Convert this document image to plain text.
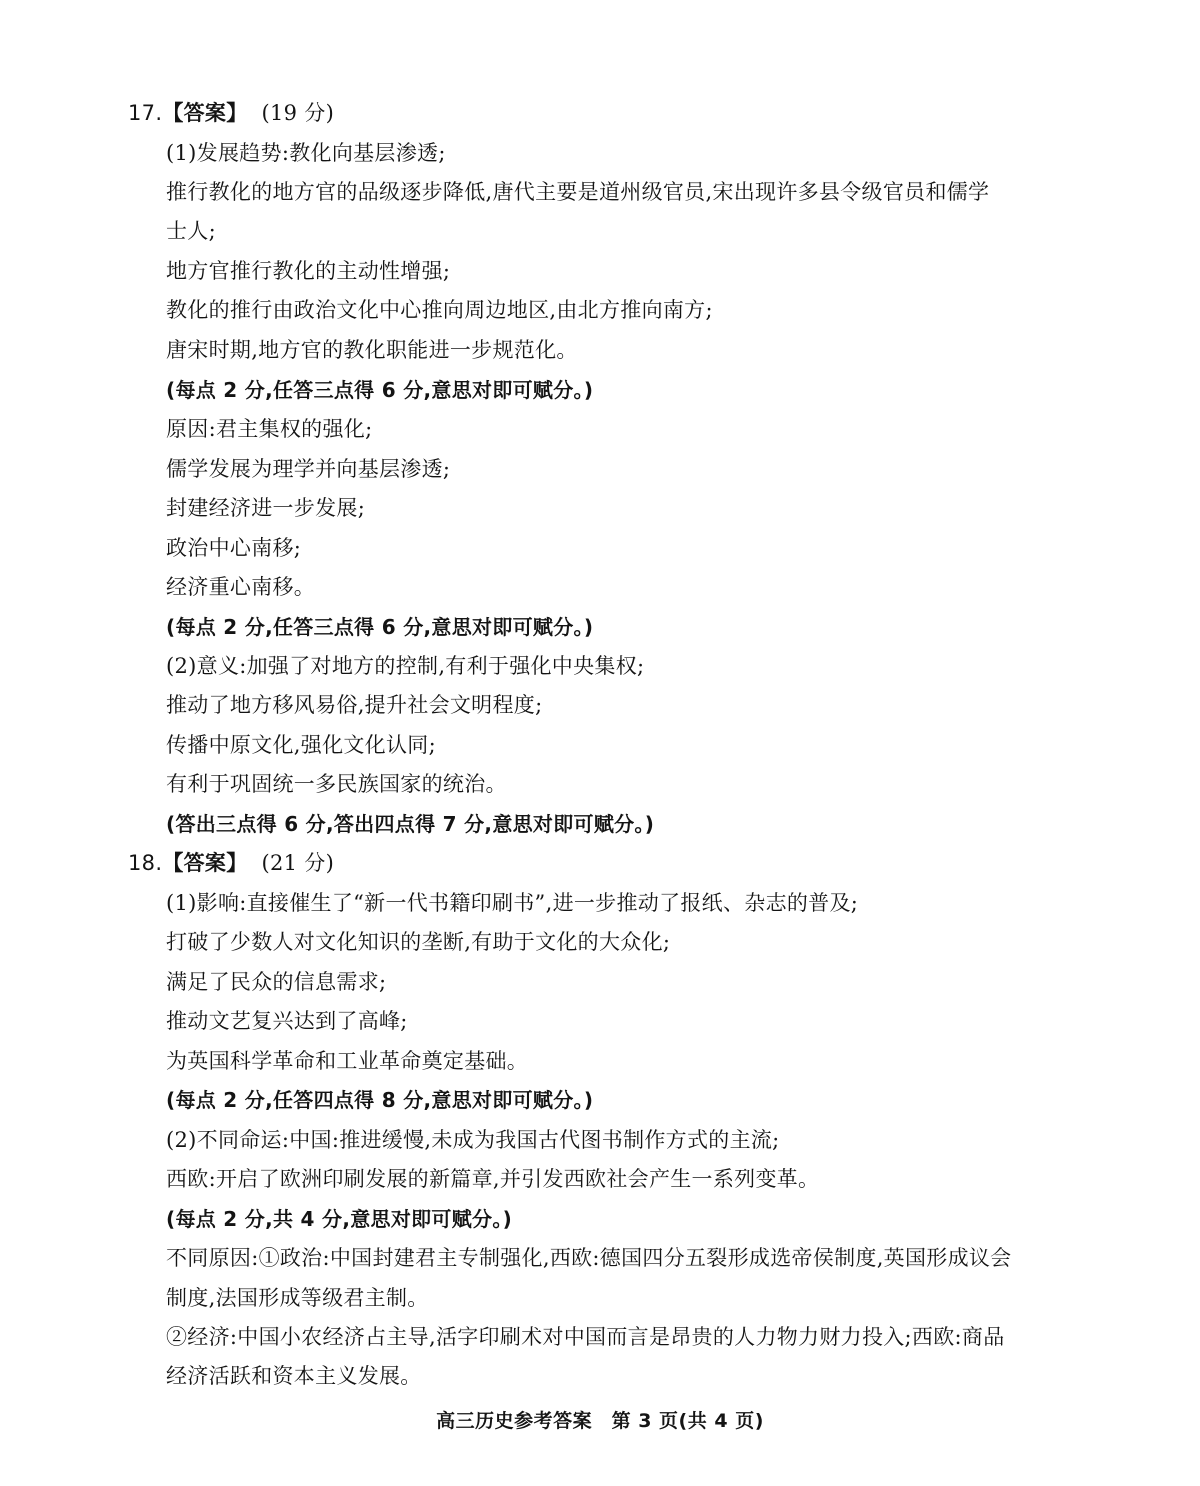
17.【答案】 (19 分)
(1)发展趋势:教化向基层渗透;
推行教化的地方官的品级逐步降低,唐代主要是道州级官员,宋出现许多县令级官员和儒学
士人;
地方官推行教化的主动性增强;
教化的推行由政治文化中心推向周边地区,由北方推向南方;
唐宋时期,地方官的教化职能进一步规范化。
(每点 2 分,任答三点得 6 分,意思对即可赋分。)
原因:君主集权的强化;
儒学发展为理学并向基层渗透;
封建经济进一步发展;
政治中心南移;
经济重心南移。
(每点 2 分,任答三点得 6 分,意思对即可赋分。)
(2)意义:加强了对地方的控制,有利于强化中央集权;
推动了地方移风易俗,提升社会文明程度;
传播中原文化,强化文化认同;
有利于巩固统一多民族国家的统治。
(答出三点得 6 分,答出四点得 7 分,意思对即可赋分。)
18.【答案】 (21 分)
(1)影响:直接催生了“新一代书籍印刷书”,进一步推动了报纸、杂志的普及;
打破了少数人对文化知识的垄断,有助于文化的大众化;
满足了民众的信息需求;
推动文艺复兴达到了高峰;
为英国科学革命和工业革命奠定基础。
(每点 2 分,任答四点得 8 分,意思对即可赋分。)
(2)不同命运:中国:推进缓慢,未成为我国古代图书制作方式的主流;
西欧:开启了欧洲印刷发展的新篇章,并引发西欧社会产生一系列变革。
(每点 2 分,共 4 分,意思对即可赋分。)
不同原因:①政治:中国封建君主专制强化,西欧:德国四分五裂形成选帝侯制度,英国形成议会
制度,法国形成等级君主制。
②经济:中国小农经济占主导,活字印刷术对中国而言是昂贵的人力物力财力投入;西欧:商品
经济活跃和资本主义发展。
高三历史参考答案　第 3 页(共 4 页)
